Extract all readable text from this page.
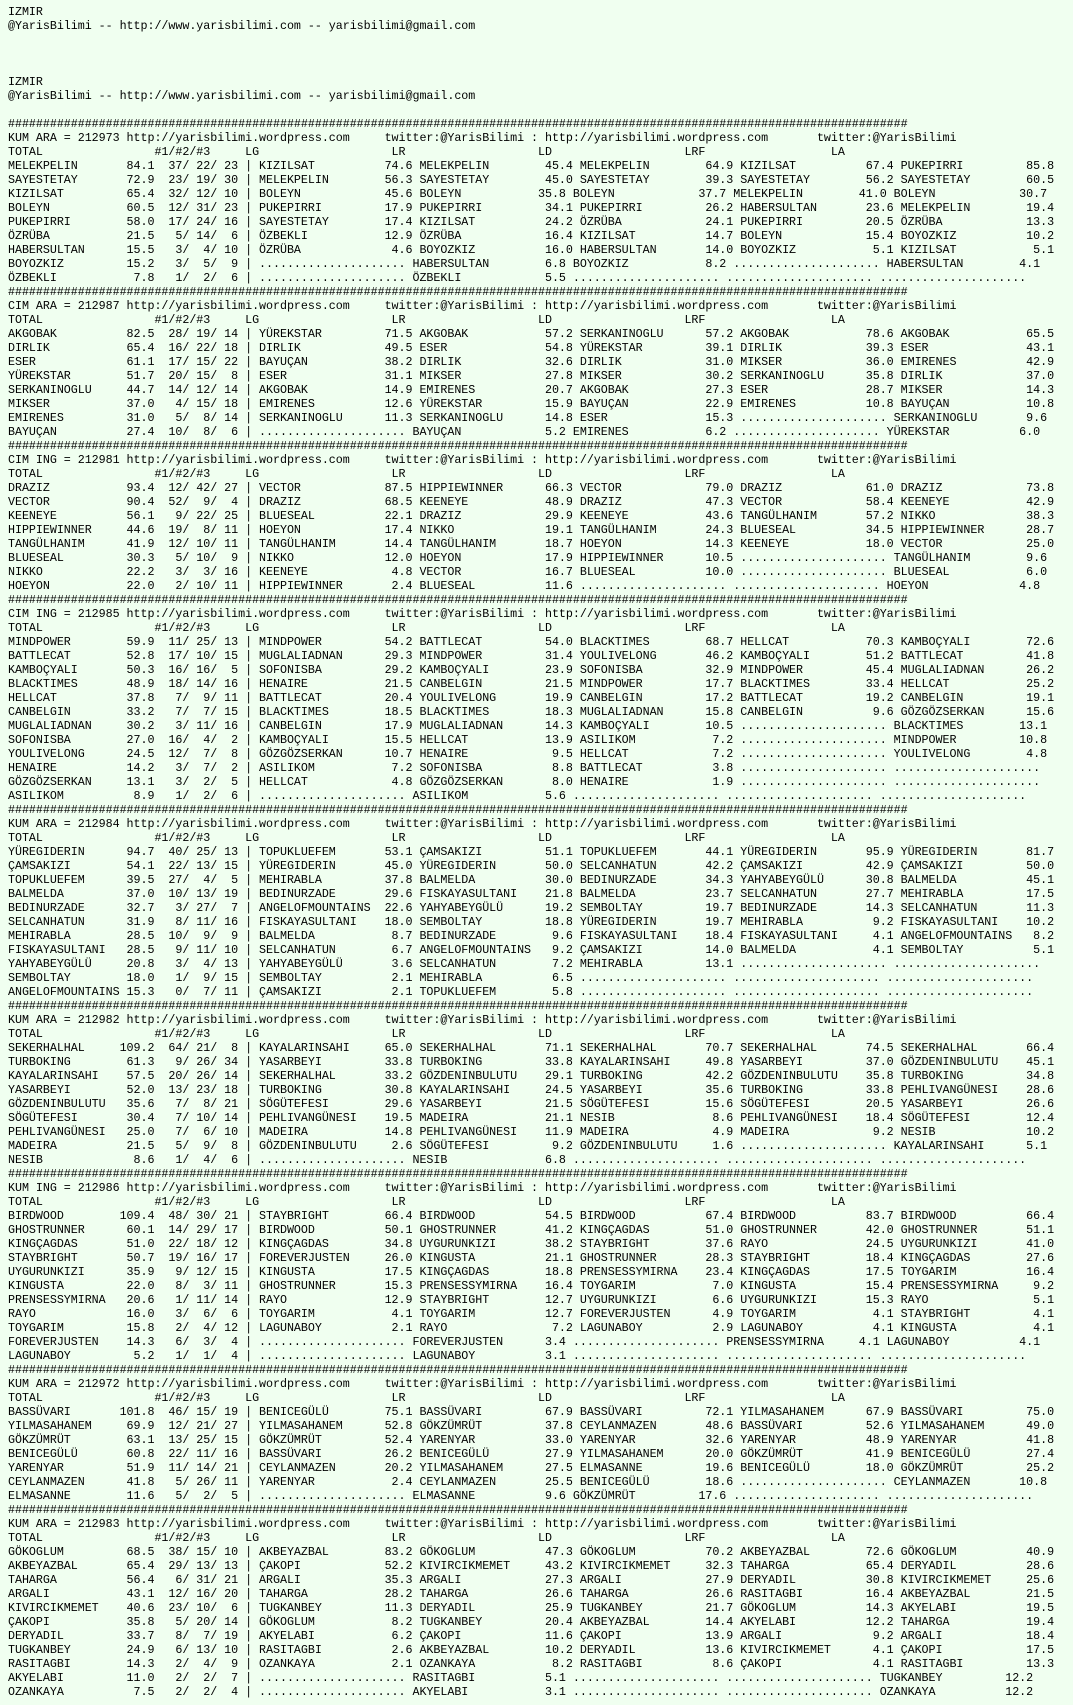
IZMIR
@YarisBilimi -- http://www.yarisbilimi.com -- yarisbilimi@gmail.com
IZMIR
@YarisBilimi -- http://www.yarisbilimi.com -- yarisbilimi@gmail.com
#################################################################################################################################
KUM ARA = 212973 http://yarisbilimi.wordpress.com     twitter:@YarisBilimi : http://yarisbilimi.wordpress.com       twitter:@YarisBilimi
TOTAL                #1/#2/#3     LG                   LR                   LD                   LRF                  LA
MELEKPELIN       84.1  37/ 22/ 23 | KIZILSAT          74.6 MELEKPELIN        45.4 MELEKPELIN        64.9 KIZILSAT          67.4 PUKEPIRRI         85.8
SAYESTETAY       72.9  23/ 19/ 30 | MELEKPELIN        56.3 SAYESTETAY        45.0 SAYESTETAY        39.3 SAYESTETAY        56.2 SAYESTETAY        60.5
KIZILSAT         65.4  32/ 12/ 10 | BOLEYN            45.6 BOLEYN           35.8 BOLEYN            37.7 MELEKPELIN        41.0 BOLEYN            30.7
BOLEYN           60.5  12/ 31/ 23 | PUKEPIRRI         17.9 PUKEPIRRI         34.1 PUKEPIRRI         26.2 HABERSULTAN       23.6 MELEKPELIN        19.4
PUKEPIRRI        58.0  17/ 24/ 16 | SAYESTETAY        17.4 KIZILSAT          24.2 ÖZRÜBA            24.1 PUKEPIRRI         20.5 ÖZRÜBA            13.3
ÖZRÜBA           21.5   5/ 14/  6 | ÖZBEKLI           12.9 ÖZRÜBA            16.4 KIZILSAT          14.7 BOLEYN            15.4 BOYOZKIZ          10.2
HABERSULTAN      15.5   3/  4/ 10 | ÖZRÜBA             4.6 BOYOZKIZ          16.0 HABERSULTAN       14.0 BOYOZKIZ           5.1 KIZILSAT           5.1
BOYOZKIZ         15.2   3/  5/  9 | ..................... HABERSULTAN        6.8 BOYOZKIZ           8.2 ..................... HABERSULTAN        4.1
ÖZBEKLI           7.8   1/  2/  6 | ..................... ÖZBEKLI            5.5 ..................... ..................... .....................
#################################################################################################################################
CIM ARA = 212987 http://yarisbilimi.wordpress.com     twitter:@YarisBilimi : http://yarisbilimi.wordpress.com       twitter:@YarisBilimi
TOTAL                #1/#2/#3     LG                   LR                   LD                   LRF                  LA
AKGOBAK          82.5  28/ 19/ 14 | YÜREKSTAR         71.5 AKGOBAK           57.2 SERKANINOGLU      57.2 AKGOBAK           78.6 AKGOBAK           65.5
DIRLIK           65.4  16/ 22/ 18 | DIRLIK            49.5 ESER              54.8 YÜREKSTAR         39.1 DIRLIK            39.3 ESER              43.1
ESER             61.1  17/ 15/ 22 | BAYUÇAN           38.2 DIRLIK            32.6 DIRLIK            31.0 MIKSER            36.0 EMIRENES          42.9
YÜREKSTAR        51.7  20/ 15/  8 | ESER              31.1 MIKSER            27.8 MIKSER            30.2 SERKANINOGLU      35.8 DIRLIK            37.0
SERKANINOGLU     44.7  14/ 12/ 14 | AKGOBAK           14.9 EMIRENES          20.7 AKGOBAK           27.3 ESER              28.7 MIKSER            14.3
MIKSER           37.0   4/ 15/ 18 | EMIRENES          12.6 YÜREKSTAR         15.9 BAYUÇAN           22.9 EMIRENES          10.8 BAYUÇAN           10.8
EMIRENES         31.0   5/  8/ 14 | SERKANINOGLU      11.3 SERKANINOGLU      14.8 ESER              15.3 ..................... SERKANINOGLU       9.6
BAYUÇAN          27.4  10/  8/  6 | ..................... BAYUÇAN            5.2 EMIRENES           6.2 ..................... YÜREKSTAR          6.0
#################################################################################################################################
CIM ING = 212981 http://yarisbilimi.wordpress.com     twitter:@YarisBilimi : http://yarisbilimi.wordpress.com       twitter:@YarisBilimi
TOTAL                #1/#2/#3     LG                   LR                   LD                   LRF                  LA
DRAZIZ           93.4  12/ 42/ 27 | VECTOR            87.5 HIPPIEWINNER      66.3 VECTOR            79.0 DRAZIZ            61.0 DRAZIZ            73.8
VECTOR           90.4  52/  9/  4 | DRAZIZ            68.5 KEENEYE           48.9 DRAZIZ            47.3 VECTOR            58.4 KEENEYE           42.9
KEENEYE          56.1   9/ 22/ 25 | BLUESEAL          22.1 DRAZIZ            29.9 KEENEYE           43.6 TANGÜLHANIM       57.2 NIKKO             38.3
HIPPIEWINNER     44.6  19/  8/ 11 | HOEYON            17.4 NIKKO             19.1 TANGÜLHANIM       24.3 BLUESEAL          34.5 HIPPIEWINNER      28.7
TANGÜLHANIM      41.9  12/ 10/ 11 | TANGÜLHANIM       14.4 TANGÜLHANIM       18.7 HOEYON            14.3 KEENEYE           18.0 VECTOR            25.0
BLUESEAL         30.3   5/ 10/  9 | NIKKO             12.0 HOEYON            17.9 HIPPIEWINNER      10.5 ..................... TANGÜLHANIM        9.6
NIKKO            22.2   3/  3/ 16 | KEENEYE            4.8 VECTOR            16.7 BLUESEAL          10.0 ..................... BLUESEAL           6.0
HOEYON           22.0   2/ 10/ 11 | HIPPIEWINNER       2.4 BLUESEAL          11.6 ..................... ..................... HOEYON             4.8
#################################################################################################################################
CIM ING = 212985 http://yarisbilimi.wordpress.com     twitter:@YarisBilimi : http://yarisbilimi.wordpress.com       twitter:@YarisBilimi
TOTAL                #1/#2/#3     LG                   LR                   LD                   LRF                  LA
MINDPOWER        59.9  11/ 25/ 13 | MINDPOWER         54.2 BATTLECAT         54.0 BLACKTIMES        68.7 HELLCAT           70.3 KAMBOÇYALI        72.6
BATTLECAT        52.8  17/ 10/ 15 | MUGLALIADNAN      29.3 MINDPOWER         31.4 YOULIVELONG       46.2 KAMBOÇYALI        51.2 BATTLECAT         41.8
KAMBOÇYALI       50.3  16/ 16/  5 | SOFONISBA         29.2 KAMBOÇYALI        23.9 SOFONISBA         32.9 MINDPOWER         45.4 MUGLALIADNAN      26.2
BLACKTIMES       48.9  18/ 14/ 16 | HENAIRE           21.5 CANBELGIN         21.5 MINDPOWER         17.7 BLACKTIMES        33.4 HELLCAT           25.2
HELLCAT          37.8   7/  9/ 11 | BATTLECAT         20.4 YOULIVELONG       19.9 CANBELGIN         17.2 BATTLECAT         19.2 CANBELGIN         19.1
CANBELGIN        33.2   7/  7/ 15 | BLACKTIMES        18.5 BLACKTIMES        18.3 MUGLALIADNAN      15.8 CANBELGIN          9.6 GÖZGÖZSERKAN      15.6
MUGLALIADNAN     30.2   3/ 11/ 16 | CANBELGIN         17.9 MUGLALIADNAN      14.3 KAMBOÇYALI        10.5 ..................... BLACKTIMES        13.1
SOFONISBA        27.0  16/  4/  2 | KAMBOÇYALI        15.5 HELLCAT           13.9 ASILIKOM           7.2 ..................... MINDPOWER         10.8
YOULIVELONG      24.5  12/  7/  8 | GÖZGÖZSERKAN      10.7 HENAIRE            9.5 HELLCAT            7.2 ..................... YOULIVELONG        4.8
HENAIRE          14.2   3/  7/  2 | ASILIKOM           7.2 SOFONISBA          8.8 BATTLECAT          3.8 ..................... .....................
GÖZGÖZSERKAN     13.1   3/  2/  5 | HELLCAT            4.8 GÖZGÖZSERKAN       8.0 HENAIRE            1.9 ..................... .....................
ASILIKOM          8.9   1/  2/  6 | ..................... ASILIKOM           5.6 ..................... ..................... .....................
#################################################################################################################################
KUM ARA = 212984 http://yarisbilimi.wordpress.com     twitter:@YarisBilimi : http://yarisbilimi.wordpress.com       twitter:@YarisBilimi
TOTAL                #1/#2/#3     LG                   LR                   LD                   LRF                  LA
YÜREGIDERIN      94.7  40/ 25/ 13 | TOPUKLUEFEM       53.1 ÇAMSAKIZI         51.1 TOPUKLUEFEM       44.1 YÜREGIDERIN       95.9 YÜREGIDERIN       81.7
ÇAMSAKIZI        54.1  22/ 13/ 15 | YÜREGIDERIN       45.0 YÜREGIDERIN       50.0 SELCANHATUN       42.2 ÇAMSAKIZI         42.9 ÇAMSAKIZI         50.0
TOPUKLUEFEM      39.5  27/  4/  5 | MEHIRABLA         37.8 BALMELDA          30.0 BEDINURZADE       34.3 YAHYABEYGÜLÜ      30.8 BALMELDA          45.1
BALMELDA         37.0  10/ 13/ 19 | BEDINURZADE       29.6 FISKAYASULTANI    21.8 BALMELDA          23.7 SELCANHATUN       27.7 MEHIRABLA         17.5
BEDINURZADE      32.7   3/ 27/  7 | ANGELOFMOUNTAINS  22.6 YAHYABEYGÜLÜ      19.2 SEMBOLTAY         19.7 BEDINURZADE       14.3 SELCANHATUN       11.3
SELCANHATUN      31.9   8/ 11/ 16 | FISKAYASULTANI    18.0 SEMBOLTAY         18.8 YÜREGIDERIN       19.7 MEHIRABLA          9.2 FISKAYASULTANI    10.2
MEHIRABLA        28.5  10/  9/  9 | BALMELDA           8.7 BEDINURZADE        9.6 FISKAYASULTANI    18.4 FISKAYASULTANI     4.1 ANGELOFMOUNTAINS   8.2
FISKAYASULTANI   28.5   9/ 11/ 10 | SELCANHATUN        6.7 ANGELOFMOUNTAINS   9.2 ÇAMSAKIZI         14.0 BALMELDA           4.1 SEMBOLTAY          5.1
YAHYABEYGÜLÜ     20.8   3/  4/ 13 | YAHYABEYGÜLÜ       3.6 SELCANHATUN        7.2 MEHIRABLA         13.1 ..................... .....................
SEMBOLTAY        18.0   1/  9/ 15 | SEMBOLTAY          2.1 MEHIRABLA          6.5 ..................... ..................... .....................
ANGELOFMOUNTAINS 15.3   0/  7/ 11 | ÇAMSAKIZI          2.1 TOPUKLUEFEM        5.8 ..................... ..................... .....................
#################################################################################################################################
KUM ARA = 212982 http://yarisbilimi.wordpress.com     twitter:@YarisBilimi : http://yarisbilimi.wordpress.com       twitter:@YarisBilimi
TOTAL                #1/#2/#3     LG                   LR                   LD                   LRF                  LA
SEKERHALHAL     109.2  64/ 21/  8 | KAYALARINSAHI     65.0 SEKERHALHAL       71.1 SEKERHALHAL       70.7 SEKERHALHAL       74.5 SEKERHALHAL       66.4
TURBOKING        61.3   9/ 26/ 34 | YASARBEYI         33.8 TURBOKING         33.8 KAYALARINSAHI     49.8 YASARBEYI         37.0 GÖZDENINBULUTU    45.1
KAYALARINSAHI    57.5  20/ 26/ 14 | SEKERHALHAL       33.2 GÖZDENINBULUTU    29.1 TURBOKING         42.2 GÖZDENINBULUTU    35.8 TURBOKING         34.8
YASARBEYI        52.0  13/ 23/ 18 | TURBOKING         30.8 KAYALARINSAHI     24.5 YASARBEYI         35.6 TURBOKING         33.8 PEHLIVANGÜNESI    28.6
GÖZDENINBULUTU   35.6   7/  8/ 21 | SÖGÜTEFESI        29.6 YASARBEYI         21.5 SÖGÜTEFESI        15.6 SÖGÜTEFESI        20.5 YASARBEYI         26.6
SÖGÜTEFESI       30.4   7/ 10/ 14 | PEHLIVANGÜNESI    19.5 MADEIRA           21.1 NESIB              8.6 PEHLIVANGÜNESI    18.4 SÖGÜTEFESI        12.4
PEHLIVANGÜNESI   25.0   7/  6/ 10 | MADEIRA           14.8 PEHLIVANGÜNESI    11.9 MADEIRA            4.9 MADEIRA            9.2 NESIB             10.2
MADEIRA          21.5   5/  9/  8 | GÖZDENINBULUTU     2.6 SÖGÜTEFESI         9.2 GÖZDENINBULUTU     1.6 ..................... KAYALARINSAHI      5.1
NESIB             8.6   1/  4/  6 | ..................... NESIB              6.8 ..................... ..................... .....................
#################################################################################################################################
KUM ING = 212986 http://yarisbilimi.wordpress.com     twitter:@YarisBilimi : http://yarisbilimi.wordpress.com       twitter:@YarisBilimi
TOTAL                #1/#2/#3     LG                   LR                   LD                   LRF                  LA
BIRDWOOD        109.4  48/ 30/ 21 | STAYBRIGHT        66.4 BIRDWOOD          54.5 BIRDWOOD          67.4 BIRDWOOD          83.7 BIRDWOOD          66.4
GHOSTRUNNER      60.1  14/ 29/ 17 | BIRDWOOD          50.1 GHOSTRUNNER       41.2 KINGÇAGDAS        51.0 GHOSTRUNNER       42.0 GHOSTRUNNER       51.1
KINGÇAGDAS       51.0  22/ 18/ 12 | KINGÇAGDAS        34.8 UYGURUNKIZI       38.2 STAYBRIGHT        37.6 RAYO              24.5 UYGURUNKIZI       41.0
STAYBRIGHT       50.7  19/ 16/ 17 | FOREVERJUSTEN     26.0 KINGUSTA          21.1 GHOSTRUNNER       28.3 STAYBRIGHT        18.4 KINGÇAGDAS        27.6
UYGURUNKIZI      35.9   9/ 12/ 15 | KINGUSTA          17.5 KINGÇAGDAS        18.8 PRENSESSYMIRNA    23.4 KINGÇAGDAS        17.5 TOYGARIM          16.4
KINGUSTA         22.0   8/  3/ 11 | GHOSTRUNNER       15.3 PRENSESSYMIRNA    16.4 TOYGARIM           7.0 KINGUSTA          15.4 PRENSESSYMIRNA     9.2
PRENSESSYMIRNA   20.6   1/ 11/ 14 | RAYO              12.9 STAYBRIGHT        12.7 UYGURUNKIZI        6.6 UYGURUNKIZI       15.3 RAYO               5.1
RAYO             16.0   3/  6/  6 | TOYGARIM           4.1 TOYGARIM          12.7 FOREVERJUSTEN      4.9 TOYGARIM           4.1 STAYBRIGHT         4.1
TOYGARIM         15.8   2/  4/ 12 | LAGUNABOY          2.1 RAYO               7.2 LAGUNABOY          2.9 LAGUNABOY          4.1 KINGUSTA           4.1
FOREVERJUSTEN    14.3   6/  3/  4 | ..................... FOREVERJUSTEN      3.4 ..................... PRENSESSYMIRNA     4.1 LAGUNABOY          4.1
LAGUNABOY         5.2   1/  1/  4 | ..................... LAGUNABOY          3.1 ..................... ..................... .....................
#################################################################################################################################
KUM ARA = 212972 http://yarisbilimi.wordpress.com     twitter:@YarisBilimi : http://yarisbilimi.wordpress.com       twitter:@YarisBilimi
TOTAL                #1/#2/#3     LG                   LR                   LD                   LRF                  LA
BASSÜVARI       101.8  46/ 15/ 19 | BENICEGÜLÜ        75.1 BASSÜVARI         67.9 BASSÜVARI         72.1 YILMASAHANEM      67.9 BASSÜVARI         75.0
YILMASAHANEM     69.9  12/ 21/ 27 | YILMASAHANEM      52.8 GÖKZÜMRÜT         37.8 CEYLANMAZEN       48.6 BASSÜVARI         52.6 YILMASAHANEM      49.0
GÖKZÜMRÜT        63.1  13/ 25/ 15 | GÖKZÜMRÜT         52.4 YARENYAR          33.0 YARENYAR          32.6 YARENYAR          48.9 YARENYAR          41.8
BENICEGÜLÜ       60.8  22/ 11/ 16 | BASSÜVARI         26.2 BENICEGÜLÜ        27.9 YILMASAHANEM      20.0 GÖKZÜMRÜT         41.9 BENICEGÜLÜ        27.4
YARENYAR         51.9  11/ 14/ 21 | CEYLANMAZEN       20.2 YILMASAHANEM      27.5 ELMASANNE         19.6 BENICEGÜLÜ        18.0 GÖKZÜMRÜT         25.2
CEYLANMAZEN      41.8   5/ 26/ 11 | YARENYAR           2.4 CEYLANMAZEN       25.5 BENICEGÜLÜ        18.6 ..................... CEYLANMAZEN       10.8
ELMASANNE        11.6   5/  2/  5 | ..................... ELMASANNE          9.6 GÖKZÜMRÜT         17.6 ..................... .....................
#################################################################################################################################
KUM ARA = 212983 http://yarisbilimi.wordpress.com     twitter:@YarisBilimi : http://yarisbilimi.wordpress.com       twitter:@YarisBilimi
TOTAL                #1/#2/#3     LG                   LR                   LD                   LRF                  LA
GÖKOGLUM         68.5  38/ 15/ 10 | AKBEYAZBAL        83.2 GÖKOGLUM          47.3 GÖKOGLUM          70.2 AKBEYAZBAL        72.6 GÖKOGLUM          40.9
AKBEYAZBAL       65.4  29/ 13/ 13 | ÇAKOPI            52.2 KIVIRCIKMEMET     43.2 KIVIRCIKMEMET     32.3 TAHARGA           65.4 DERYADIL          28.6
TAHARGA          56.4   6/ 31/ 21 | ARGALI            35.3 ARGALI            27.3 ARGALI            27.9 DERYADIL          30.8 KIVIRCIKMEMET     25.6
ARGALI           43.1  12/ 16/ 20 | TAHARGA           28.2 TAHARGA           26.6 TAHARGA           26.6 RASITAGBI         16.4 AKBEYAZBAL        21.5
KIVIRCIKMEMET    40.6  23/ 10/  6 | TUGKANBEY         11.3 DERYADIL          25.9 TUGKANBEY         21.7 GÖKOGLUM          14.3 AKYELABI          19.5
ÇAKOPI           35.8   5/ 20/ 14 | GÖKOGLUM           8.2 TUGKANBEY         20.4 AKBEYAZBAL        14.4 AKYELABI          12.2 TAHARGA           19.4
DERYADIL         33.7   8/  7/ 19 | AKYELABI           6.2 ÇAKOPI            11.6 ÇAKOPI            13.9 ARGALI             9.2 ARGALI            18.4
TUGKANBEY        24.9   6/ 13/ 10 | RASITAGBI          2.6 AKBEYAZBAL        10.2 DERYADIL          13.6 KIVIRCIKMEMET      4.1 ÇAKOPI            17.5
RASITAGBI        14.3   2/  4/  9 | OZANKAYA           2.1 OZANKAYA           8.2 RASITAGBI          8.6 ÇAKOPI             4.1 RASITAGBI         13.3
AKYELABI         11.0   2/  2/  7 | ..................... RASITAGBI          5.1 ..................... ..................... TUGKANBEY         12.2
OZANKAYA          7.5   2/  2/  4 | ..................... AKYELABI           3.1 ..................... ..................... OZANKAYA          12.2
